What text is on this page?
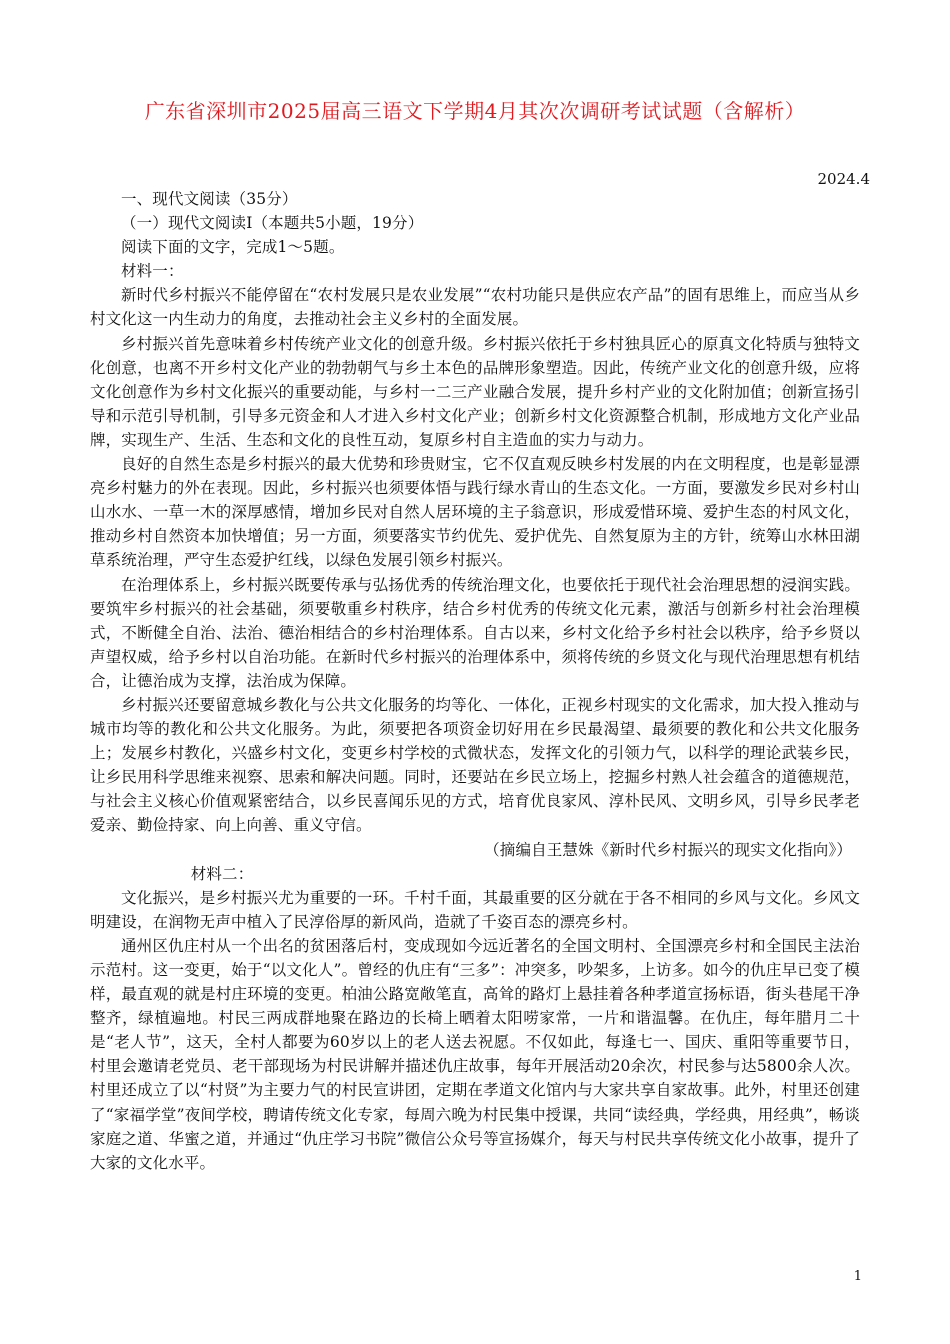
广东省深圳市2025届高三语文下学期4月其次次调研考试试题（含解析）
2024.4

一、现代文阅读（35分）

（一）现代文阅读Ⅰ（本题共5小题，19分）

阅读下面的文字，完成1～5题。

材料一：

新时代乡村振兴不能停留在“农村发展只是农业发展”“农村功能只是供应农产品”的固有思维上，而应当从乡村文化这一内生动力的角度，去推动社会主义乡村的全面发展。

乡村振兴首先意味着乡村传统产业文化的创意升级。乡村振兴依托于乡村独具匠心的原真文化特质与独特文化创意，也离不开乡村文化产业的勃勃朝气与乡土本色的品牌形象塑造。因此，传统产业文化的创意升级，应将文化创意作为乡村文化振兴的重要动能，与乡村一二三产业融合发展，提升乡村产业的文化附加值；创新宣扬引导和示范引导机制，引导多元资金和人才进入乡村文化产业；创新乡村文化资源整合机制，形成地方文化产业品牌，实现生产、生活、生态和文化的良性互动，复原乡村自主造血的实力与动力。

良好的自然生态是乡村振兴的最大优势和珍贵财宝，它不仅直观反映乡村发展的内在文明程度，也是彰显漂亮乡村魅力的外在表现。因此，乡村振兴也须要体悟与践行绿水青山的生态文化。一方面，要激发乡民对乡村山山水水、一草一木的深厚感情，增加乡民对自然人居环境的主子翁意识，形成爱惜环境、爱护生态的村风文化，推动乡村自然资本加快增值；另一方面，须要落实节约优先、爱护优先、自然复原为主的方针，统筹山水林田湖草系统治理，严守生态爱护红线，以绿色发展引领乡村振兴。

在治理体系上，乡村振兴既要传承与弘扬优秀的传统治理文化，也要依托于现代社会治理思想的浸润实践。要筑牢乡村振兴的社会基础，须要敬重乡村秩序，结合乡村优秀的传统文化元素，激活与创新乡村社会治理模式，不断健全自治、法治、德治相结合的乡村治理体系。自古以来，乡村文化给予乡村社会以秩序，给予乡贤以声望权威，给予乡村以自治功能。在新时代乡村振兴的治理体系中，须将传统的乡贤文化与现代治理思想有机结合，让德治成为支撑，法治成为保障。

乡村振兴还要留意城乡教化与公共文化服务的均等化、一体化，正视乡村现实的文化需求，加大投入推动与城市均等的教化和公共文化服务。为此，须要把各项资金切好用在乡民最渴望、最须要的教化和公共文化服务上；发展乡村教化，兴盛乡村文化，变更乡村学校的式微状态，发挥文化的引领力气，以科学的理论武装乡民，让乡民用科学思维来视察、思索和解决问题。同时，还要站在乡民立场上，挖掘乡村熟人社会蕴含的道德规范，与社会主义核心价值观紧密结合，以乡民喜闻乐见的方式，培育优良家风、淳朴民风、文明乡风，引导乡民孝老爱亲、勤俭持家、向上向善、重义守信。

（摘编自王慧姝《新时代乡村振兴的现实文化指向》）

材料二：

文化振兴，是乡村振兴尤为重要的一环。千村千面，其最重要的区分就在于各不相同的乡风与文化。乡风文明建设，在润物无声中植入了民淳俗厚的新风尚，造就了千姿百态的漂亮乡村。

通州区仇庄村从一个出名的贫困落后村，变成现如今远近著名的全国文明村、全国漂亮乡村和全国民主法治示范村。这一变更，始于“以文化人”。曾经的仇庄有“三多”：冲突多，吵架多，上访多。如今的仇庄早已变了模样，最直观的就是村庄环境的变更。柏油公路宽敞笔直，高耸的路灯上悬挂着各种孝道宣扬标语，街头巷尾干净整齐，绿植遍地。村民三两成群地聚在路边的长椅上晒着太阳唠家常，一片和谐温馨。在仇庄，每年腊月二十是“老人节”，这天，全村人都要为60岁以上的老人送去祝愿。不仅如此，每逢七一、国庆、重阳等重要节日，村里会邀请老党员、老干部现场为村民讲解并描述仇庄故事，每年开展活动20余次，村民参与达5800余人次。村里还成立了以“村贤”为主要力气的村民宣讲团，定期在孝道文化馆内与大家共享自家故事。此外，村里还创建了“家福学堂”夜间学校，聘请传统文化专家，每周六晚为村民集中授课，共同“读经典，学经典，用经典”，畅谈家庭之道、华蜜之道，并通过“仇庄学习书院”微信公众号等宣扬媒介，每天与村民共享传统文化小故事，提升了大家的文化水平。

1
